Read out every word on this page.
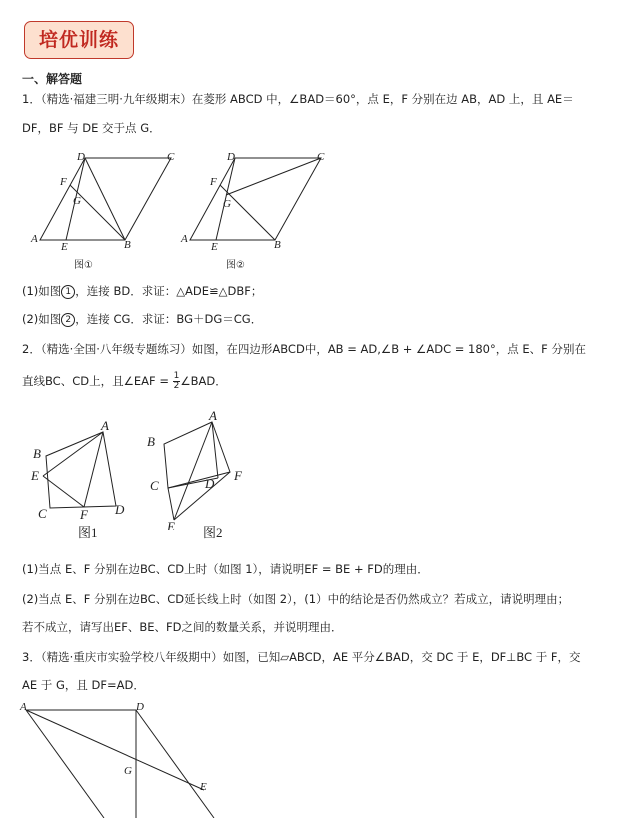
培优训练
一、解答题
1．（精选·福建三明·九年级期末）在菱形 ABCD 中，∠BAD＝60°，点 E，F 分别在边 AB，AD 上，且 AE＝
DF，BF 与 DE 交于点 G．
A	B
C
D
E
F
G
图①
A	B
C
D
E
F
G
图②
(1)如图 1 ，连接 BD．求证：△ADE≌△DBF；
(2)如图 2 ，连接 CG．求证：BG＋DG＝CG．
2．（精选·全国·八年级专题练习）如图，在四边形ABCD中，AB = AD,∠B + ∠ADC = 180°，点 E、F 分别在
直线BC、CD上，且∠EAF = $\frac{1}{2}$ ∠BAD．
A
B
E
C	F D
图1
A
B
C	D
F
E 图2
(1)当点 E、F 分别在边BC、CD上时（如图 1），请说明EF = BE + FD的理由．
(2)当点 E、F 分别在边BC、CD延长线上时（如图 2），(1）中的结论是否仍然成立？若成立，请说明理由；
若不成立，请写出EF、BE、FD之间的数量关系，并说明理由．
3．（精选·重庆市实验学校八年级期中）如图，已知▱ABCD，AE 平分∠BAD，交 DC 于 E，DF⊥BC 于 F，交
AE 于 G，且 DF=AD．
A	D
G
E
